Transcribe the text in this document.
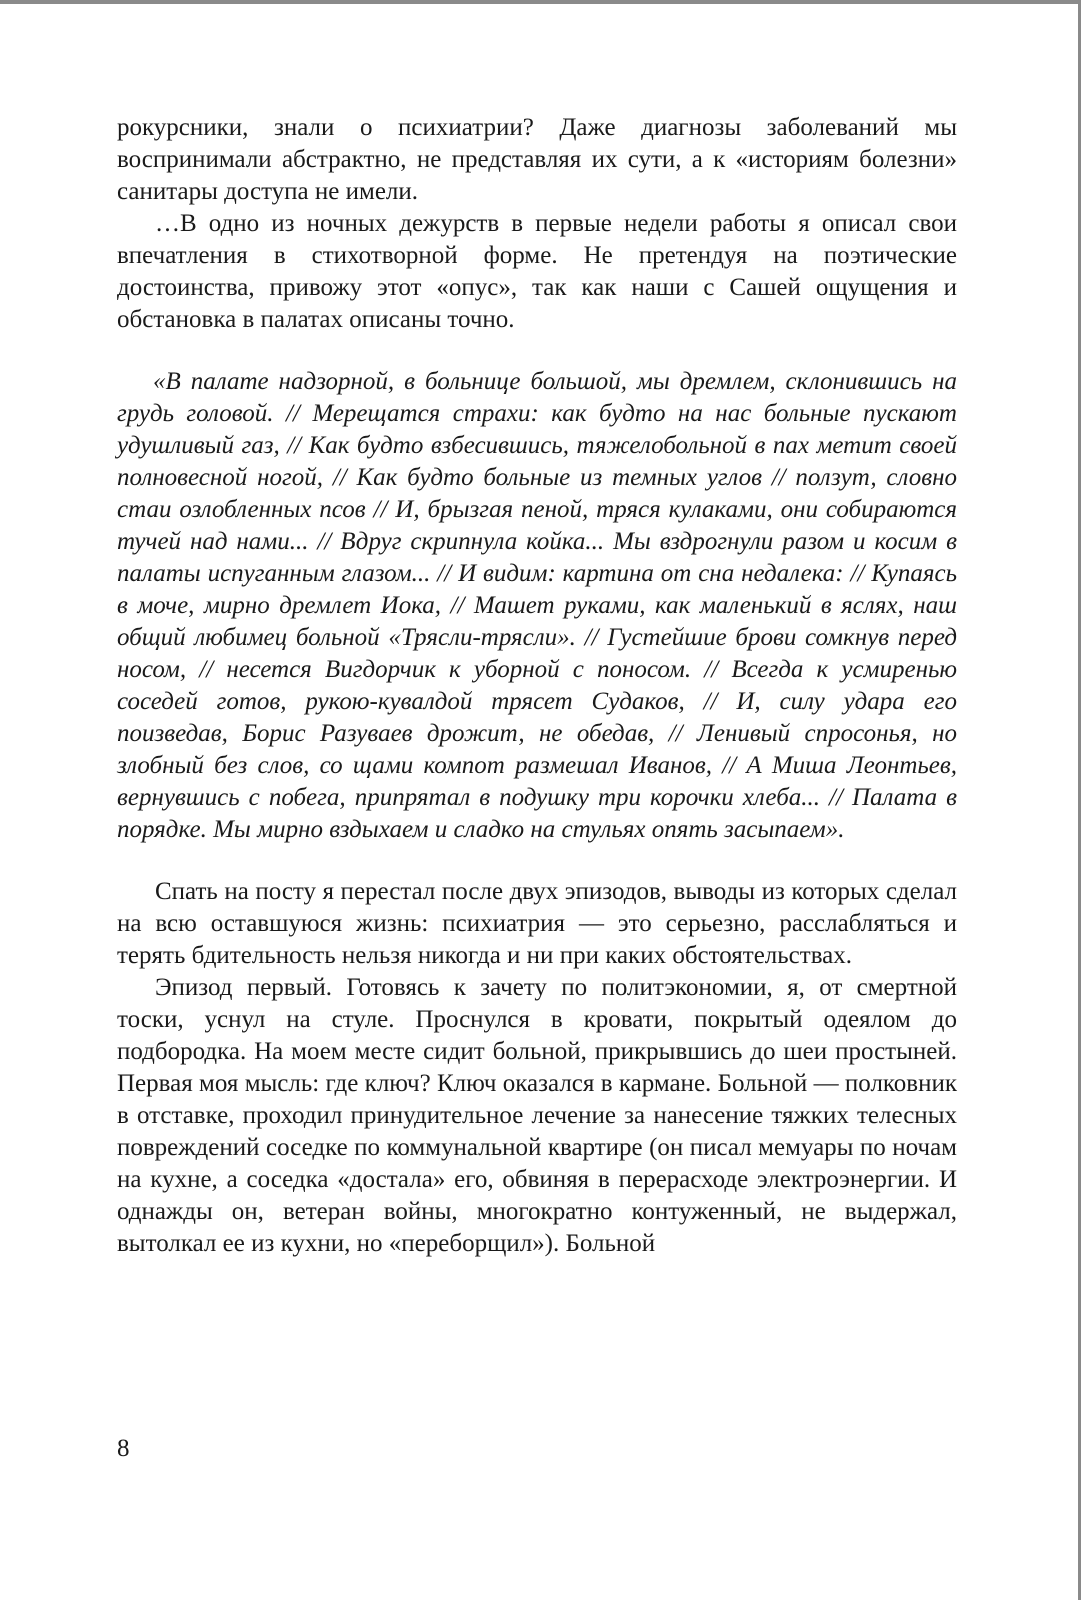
рокурсники, знали о психиатрии? Даже диагнозы заболеваний мы воспринимали абстрактно, не представляя их сути, а к «историям болезни» санитары доступа не имели.

…В одно из ночных дежурств в первые недели работы я описал свои впечатления в стихотворной форме. Не претендуя на поэтические достоинства, привожу этот «опус», так как наши с Сашей ощущения и обстановка в палатах описаны точно.

«В палате надзорной, в больнице большой, мы дремлем, склонившись на грудь головой. // Мерещатся страхи: как будто на нас больные пускают удушливый газ, // Как будто взбесившись, тяжелобольной в пах метит своей полновесной ногой, // Как будто больные из темных углов // ползут, словно стаи озлобленных псов // И, брызгая пеной, тряся кулаками, они собираются тучей над нами... // Вдруг скрипнула койка... Мы вздрогнули разом и косим в палаты испуганным глазом... // И видим: картина от сна недалека: // Купаясь в моче, мирно дремлет Иока, // Машет руками, как маленький в яслях, наш общий любимец больной «Трясли-трясли». // Густейшие брови сомкнув перед носом, // несется Вигдорчик к уборной с поносом. // Всегда к усмиренью соседей готов, рукою-кувалдой трясет Судаков, // И, силу удара его поизведав, Борис Разуваев дрожит, не обедав, // Ленивый спросонья, но злобный без слов, со щами компот размешал Иванов, // А Миша Леонтьев, вернувшись с побега, припрятал в подушку три корочки хлеба... // Палата в порядке. Мы мирно вздыхаем и сладко на стульях опять засыпаем».

Спать на посту я перестал после двух эпизодов, выводы из которых сделал на всю оставшуюся жизнь: психиатрия — это серьезно, расслабляться и терять бдительность нельзя никогда и ни при каких обстоятельствах.

Эпизод первый. Готовясь к зачету по политэкономии, я, от смертной тоски, уснул на стуле. Проснулся в кровати, покрытый одеялом до подбородка. На моем месте сидит больной, прикрывшись до шеи простыней. Первая моя мысль: где ключ? Ключ оказался в кармане. Больной — полковник в отставке, проходил принудительное лечение за нанесение тяжких телесных повреждений соседке по коммунальной квартире (он писал мемуары по ночам на кухне, а соседка «достала» его, обвиняя в перерасходе электроэнергии. И однажды он, ветеран войны, многократно контуженный, не выдержал, вытолкал ее из кухни, но «переборщил»). Больной

8
